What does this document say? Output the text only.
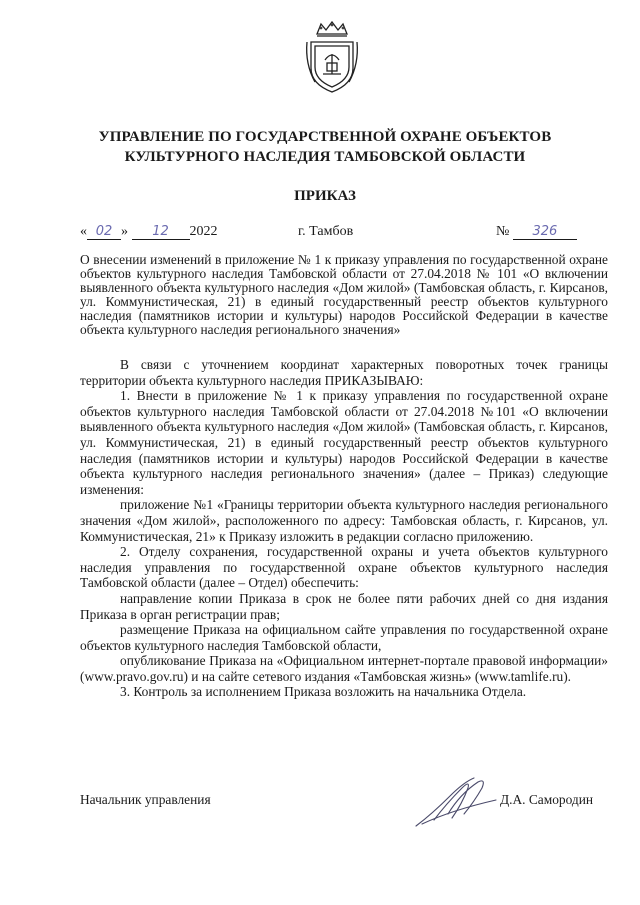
УПРАВЛЕНИЕ ПО ГОСУДАРСТВЕННОЙ ОХРАНЕ ОБЪЕКТОВ
КУЛЬТУРНОГО НАСЛЕДИЯ ТАМБОВСКОЙ ОБЛАСТИ
ПРИКАЗ
« 02 » 12 2022	г. Тамбов	№ 326
О внесении изменений в приложение № 1 к приказу управления по государственной охране объектов культурного наследия Тамбовской области от 27.04.2018 № 101 «О включении выявленного объекта культурного наследия «Дом жилой» (Тамбовская область, г. Кирсанов, ул. Коммунистическая, 21) в единый государственный реестр объектов культурного наследия (памятников истории и культуры) народов Российской Федерации в качестве объекта культурного наследия регионального значения»

В связи с уточнением координат характерных поворотных точек границы территории объекта культурного наследия ПРИКАЗЫВАЮ:

1. Внести в приложение № 1 к приказу управления по государственной охране объектов культурного наследия Тамбовской области от 27.04.2018 №101 «О включении выявленного объекта культурного наследия «Дом жилой» (Тамбовская область, г. Кирсанов, ул. Коммунистическая, 21) в единый государственный реестр объектов культурного наследия (памятников истории и культуры) народов Российской Федерации в качестве объекта культурного наследия регионального значения» (далее – Приказ) следующие изменения:

приложение №1 «Границы территории объекта культурного наследия регионального значения «Дом жилой», расположенного по адресу: Тамбовская область, г. Кирсанов, ул. Коммунистическая, 21» к Приказу изложить в редакции согласно приложению.

2. Отделу сохранения, государственной охраны и учета объектов культурного наследия управления по государственной охране объектов культурного наследия Тамбовской области (далее – Отдел) обеспечить:

направление копии Приказа в срок не более пяти рабочих дней со дня издания Приказа в орган регистрации прав;

размещение Приказа на официальном сайте управления по государственной охране объектов культурного наследия Тамбовской области,

опубликование Приказа на «Официальном интернет-портале правовой информации» (www.pravo.gov.ru) и на сайте сетевого издания «Тамбовская жизнь» (www.tamlife.ru).

3. Контроль за исполнением Приказа возложить на начальника Отдела.

Начальник управления	Д.А. Самородин
